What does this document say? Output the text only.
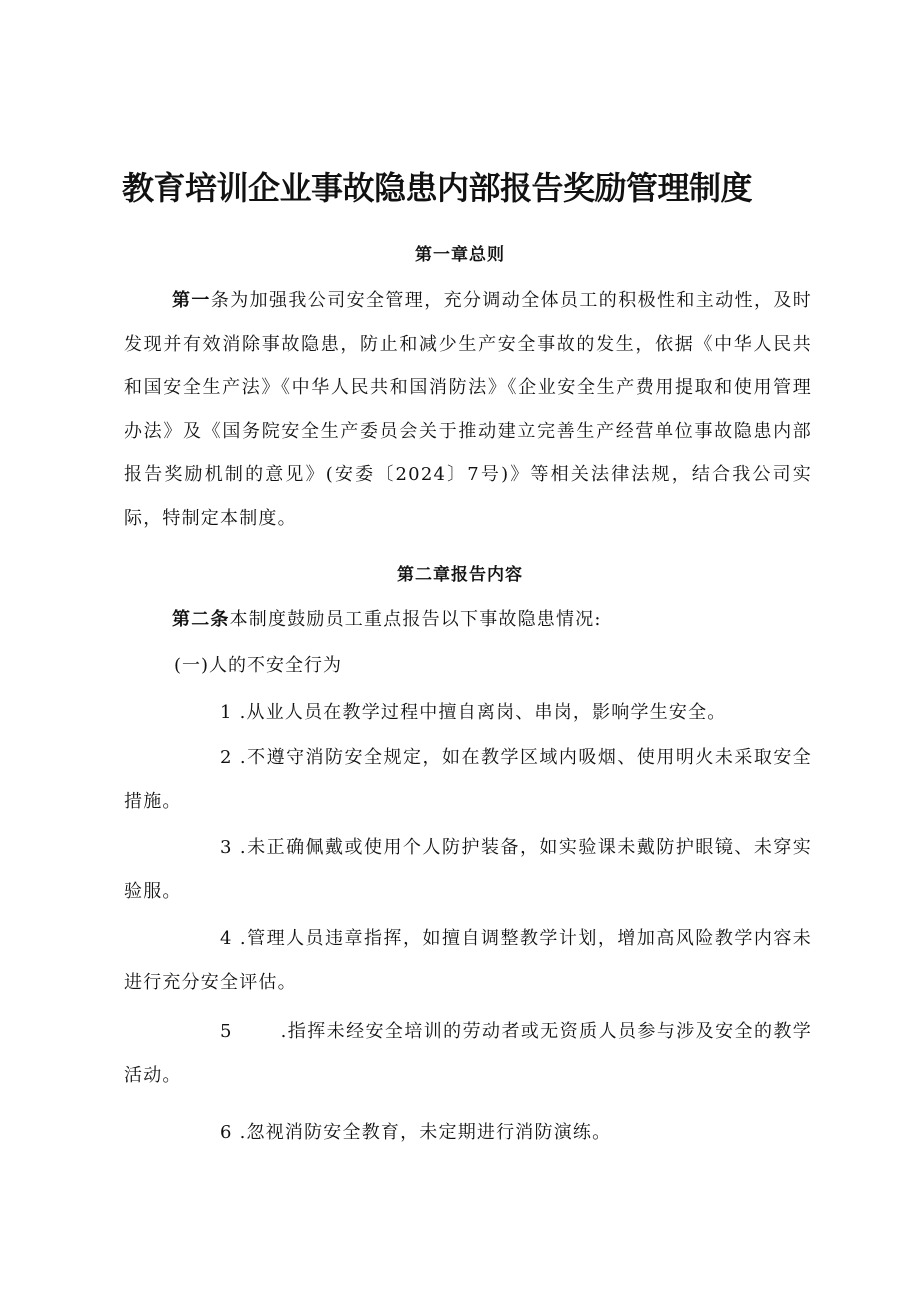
教育培训企业事故隐患内部报告奖励管理制度
第一章总则

第一条为加强我公司安全管理，充分调动全体员工的积极性和主动性，及时发现并有效消除事故隐患，防止和减少生产安全事故的发生，依据《中华人民共和国安全生产法》《中华人民共和国消防法》《企业安全生产费用提取和使用管理办法》及《国务院安全生产委员会关于推动建立完善生产经营单位事故隐患内部报告奖励机制的意见》(安委〔2024〕7号)》等相关法律法规，结合我公司实际，特制定本制度。

第二章报告内容

第二条本制度鼓励员工重点报告以下事故隐患情况:

(一)人的不安全行为

1 .从业人员在教学过程中擅自离岗、串岗，影响学生安全。

2 .不遵守消防安全规定，如在教学区域内吸烟、使用明火未采取安全措施。

3 .未正确佩戴或使用个人防护装备，如实验课未戴防护眼镜、未穿实验服。

4 .管理人员违章指挥，如擅自调整教学计划，增加高风险教学内容未进行充分安全评估。

5	.指挥未经安全培训的劳动者或无资质人员参与涉及安全的教学活动。

6 .忽视消防安全教育，未定期进行消防演练。
